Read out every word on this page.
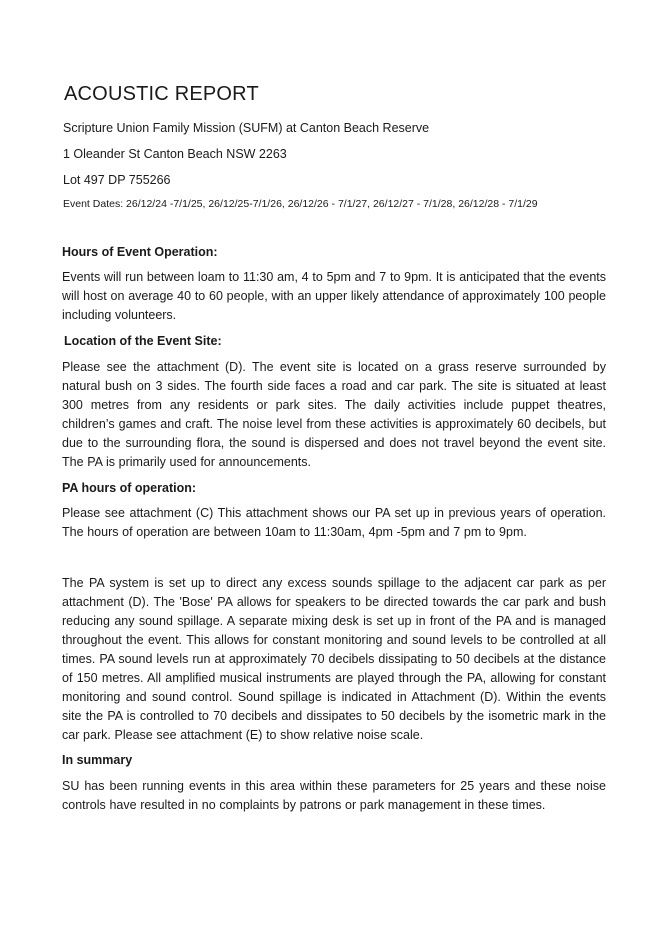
ACOUSTIC REPORT

Scripture Union Family Mission (SUFM) at Canton Beach Reserve

1 Oleander St Canton Beach NSW 2263

Lot 497 DP 755266

Event Dates: 26/12/24 -7/1/25, 26/12/25-7/1/26, 26/12/26 - 7/1/27, 26/12/27 - 7/1/28, 26/12/28 - 7/1/29

Hours of Event Operation:

Events will run between loam to 11:30 am, 4 to 5pm and 7 to 9pm. It is anticipated that the events will host on average 40 to 60 people, with an upper likely attendance of approximately 100 people including volunteers.

Location of the Event Site:

Please see the attachment (D). The event site is located on a grass reserve surrounded by natural bush on 3 sides. The fourth side faces a road and car park. The site is situated at least 300 metres from any residents or park sites. The daily activities include puppet theatres, children’s games and craft. The noise level from these activities is approximately 60 decibels, but due to the surrounding flora, the sound is dispersed and does not travel beyond the event site. The PA is primarily used for announcements.

PA hours of operation:

Please see attachment (C) This attachment shows our PA set up in previous years of operation. The hours of operation are between 10am to 11:30am, 4pm -5pm and 7 pm to 9pm.

The PA system is set up to direct any excess sounds spillage to the adjacent car park as per attachment (D). The 'Bose' PA allows for speakers to be directed towards the car park and bush reducing any sound spillage. A separate mixing desk is set up in front of the PA and is managed throughout the event. This allows for constant monitoring and sound levels to be controlled at all times. PA sound levels run at approximately 70 decibels dissipating to 50 decibels at the distance of 150 metres. All amplified musical instruments are played through the PA, allowing for constant monitoring and sound control. Sound spillage is indicated in Attachment (D). Within the events site the PA is controlled to 70 decibels and dissipates to 50 decibels by the isometric mark in the car park. Please see attachment (E) to show relative noise scale.

In summary

SU has been running events in this area within these parameters for 25 years and these noise controls have resulted in no complaints by patrons or park management in these times.
